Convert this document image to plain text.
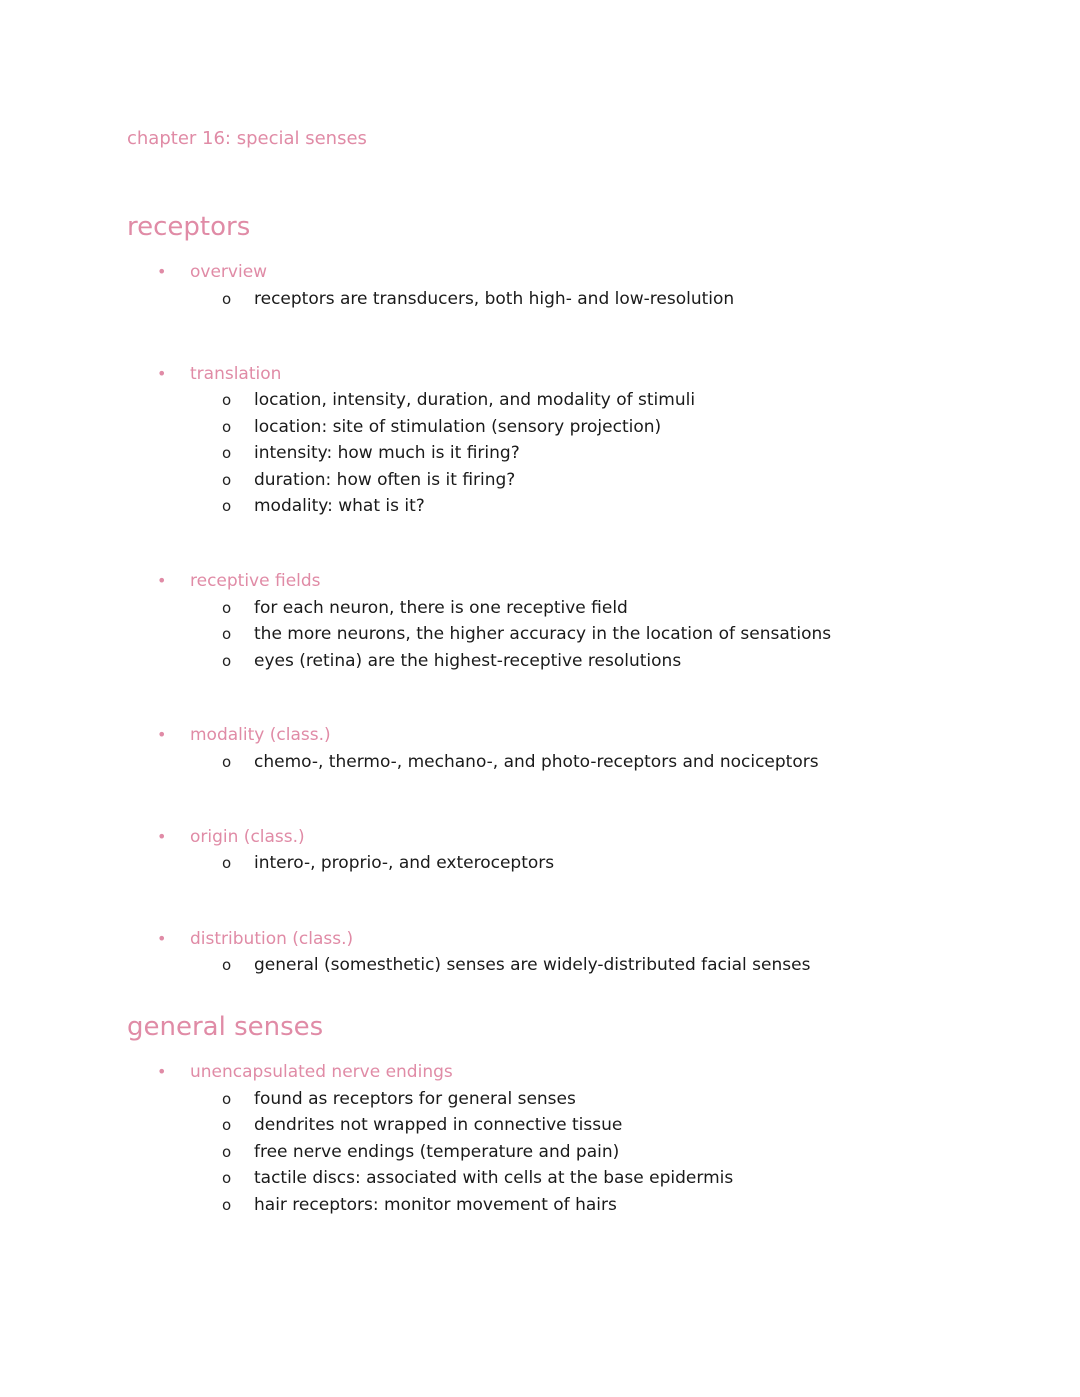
chapter 16: special senses
receptors
• overview
o receptors are transducers, both high- and low-resolution
• translation
o location, intensity, duration, and modality of stimuli
o location: site of stimulation (sensory projection)
o intensity: how much is it firing?
o duration: how often is it firing?
o modality: what is it?
• receptive fields
o for each neuron, there is one receptive field
o the more neurons, the higher accuracy in the location of sensations
o eyes (retina) are the highest-receptive resolutions
• modality (class.)
o chemo-, thermo-, mechano-, and photo-receptors and nociceptors
• origin (class.)
o intero-, proprio-, and exteroceptors
• distribution (class.)
o general (somesthetic) senses are widely-distributed facial senses
general senses
• unencapsulated nerve endings
o found as receptors for general senses
o dendrites not wrapped in connective tissue
o free nerve endings (temperature and pain)
o tactile discs: associated with cells at the base epidermis
o hair receptors: monitor movement of hairs
